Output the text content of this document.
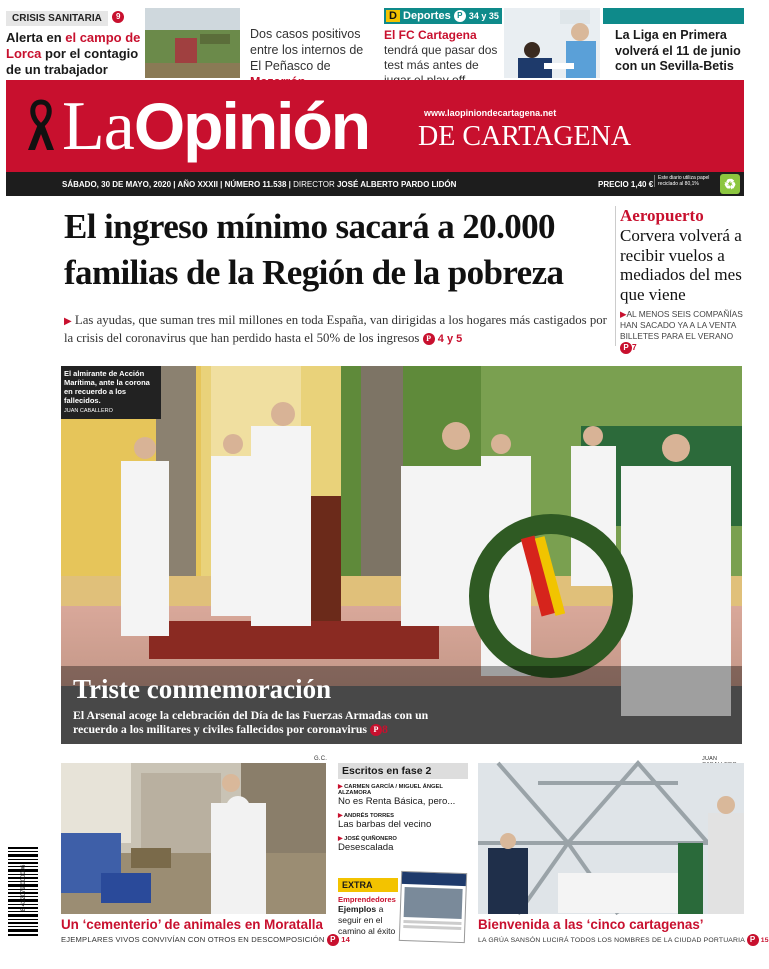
CRISIS SANITARIA 9
Alerta en el campo de Lorca por el contagio de un trabajador
Dos casos positivos entre los internos de El Peñasco de
D Deportes P 34 y 35
El FC Cartagena tendrá que pasar dos test más antes de
La Liga en Primera volverá el 11 de junio con un Sevilla-Betis
LaOpinión	www.laopiniondecartagena.net
DE CARTAGENA
SÁBADO, 30 DE MAYO, 2020 | AÑO XXXII | NÚMERO 11.538 | DIRECTOR JOSÉ ALBERTO PARDO LIDÓN	PRECIO 1,40 €
Este diario utiliza papel reciclado al 80,1%	♻
El ingreso mínimo sacará a 20.000
familias de la Región de la pobreza
▶ Las ayudas, que suman tres mil millones en toda España, van dirigidas a los hogares más castigados por la crisis del coronavirus que han perdido hasta el 50% de los ingresos P 4 y 5
Aeropuerto
Corvera volverá a recibir vuelos a mediados del mes que viene
▶AL MENOS SEIS COMPAÑÍAS HAN SACADO YA A LA VENTA BILLETES PARA EL VERANO P 7
El almirante de Acción Marítima, ante la corona en recuerdo a los fallecidos.
JUAN CABALLERO
Triste conmemoración
El Arsenal acoge la celebración del Día de las Fuerzas Armadas con un recuerdo a los militares y civiles fallecidos por coronavirus P 8
G.C.
Un ‘cementerio’ de animales en Moratalla
EJEMPLARES VIVOS CONVIVÍAN CON OTROS EN DESCOMPOSICIÓN P 14
Escritos en fase 2
▶ CARMEN GARCÍA / MIGUEL ÁNGEL ALZAMORA
No es Renta Básica, pero...
▶ ANDRÉS TORRES
Las barbas del vecino
▶ JOSÉ QUIÑONERO
Desescalada
EXTRA
Emprendedores
Ejemplos a seguir en el camino al éxito
JUAN
Bienvenida a las ‘cinco cartagenas’
LA GRÚA SANSÓN LUCIRÁ TODOS LOS NOMBRES DE LA CIUDAD PORTUARIA P 15
8 432079 000006
